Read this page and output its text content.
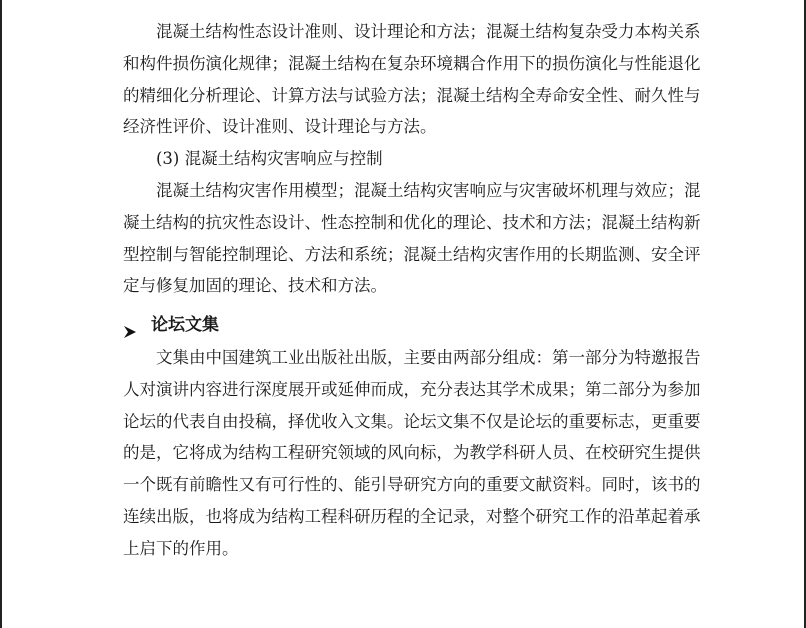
混凝土结构性态设计准则、设计理论和方法；混凝土结构复杂受力本构关系
和构件损伤演化规律；混凝土结构在复杂环境耦合作用下的损伤演化与性能退化
的精细化分析理论、计算方法与试验方法；混凝土结构全寿命安全性、耐久性与
经济性评价、设计准则、设计理论与方法。

(3) 混凝土结构灾害响应与控制

混凝土结构灾害作用模型；混凝土结构灾害响应与灾害破坏机理与效应；混
凝土结构的抗灾性态设计、性态控制和优化的理论、技术和方法；混凝土结构新
型控制与智能控制理论、方法和系统；混凝土结构灾害作用的长期监测、安全评
定与修复加固的理论、技术和方法。

论坛文集

文集由中国建筑工业出版社出版，主要由两部分组成：第一部分为特邀报告
人对演讲内容进行深度展开或延伸而成，充分表达其学术成果；第二部分为参加
论坛的代表自由投稿，择优收入文集。论坛文集不仅是论坛的重要标志，更重要
的是，它将成为结构工程研究领域的风向标，为教学科研人员、在校研究生提供
一个既有前瞻性又有可行性的、能引导研究方向的重要文献资料。同时，该书的
连续出版，也将成为结构工程科研历程的全记录，对整个研究工作的沿革起着承
上启下的作用。
